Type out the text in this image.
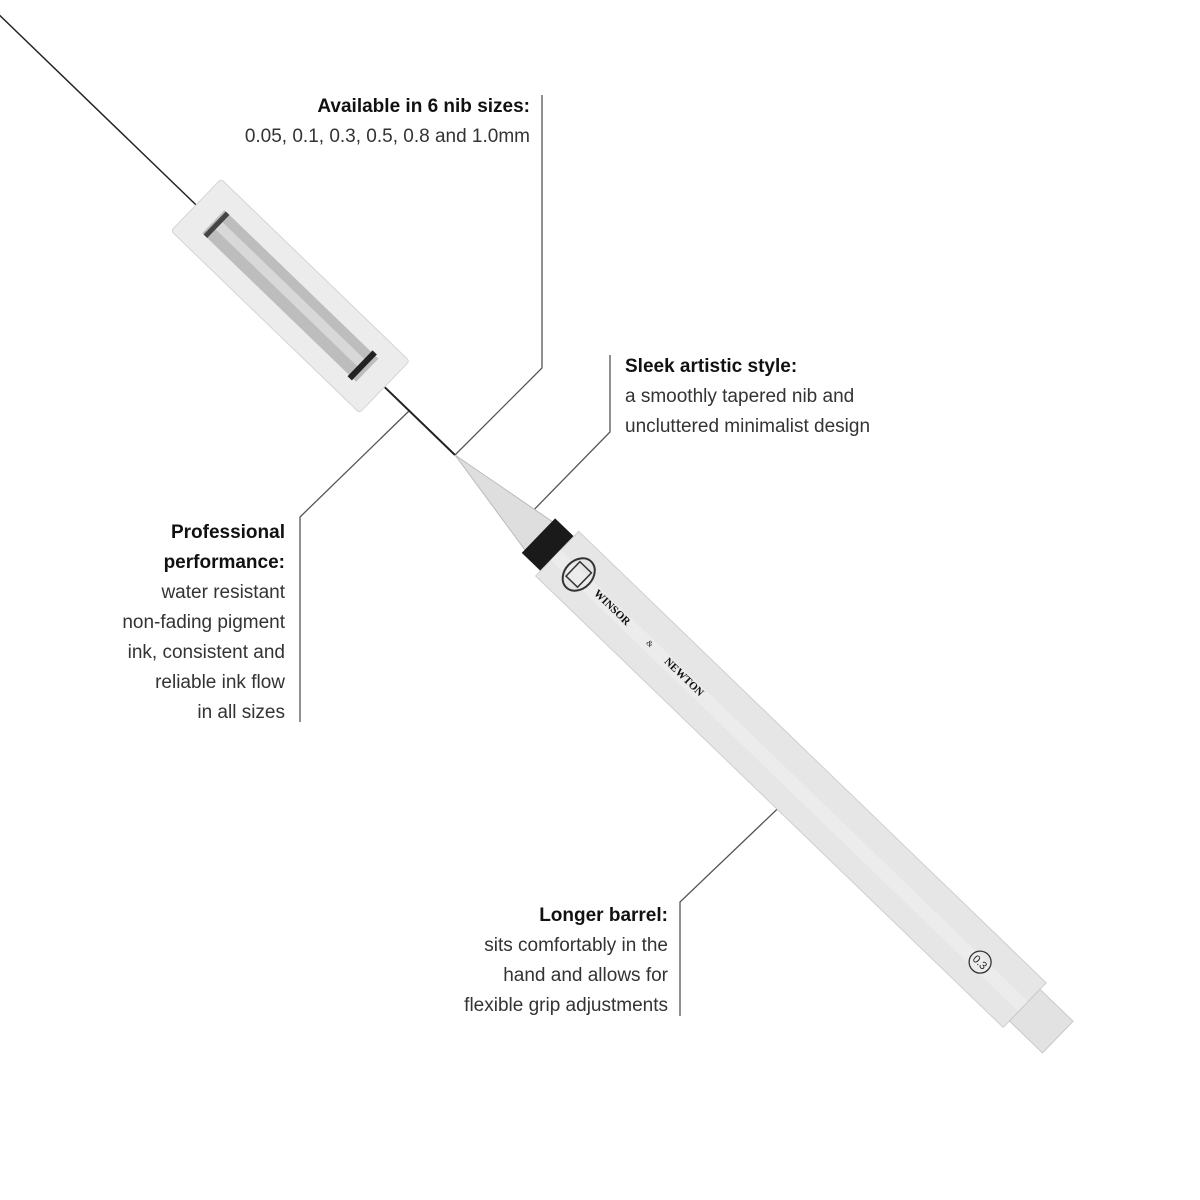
WINSOR
&
NEWTON
0.3
Available in 6 nib sizes:
0.05, 0.1, 0.3, 0.5, 0.8 and 1.0mm
Sleek artistic style:
a smoothly tapered nib and
uncluttered minimalist design
Professional
performance:
water resistant
non-fading pigment
ink, consistent and
reliable ink flow
in all sizes
Longer barrel:
sits comfortably in the
hand and allows for
flexible grip adjustments
